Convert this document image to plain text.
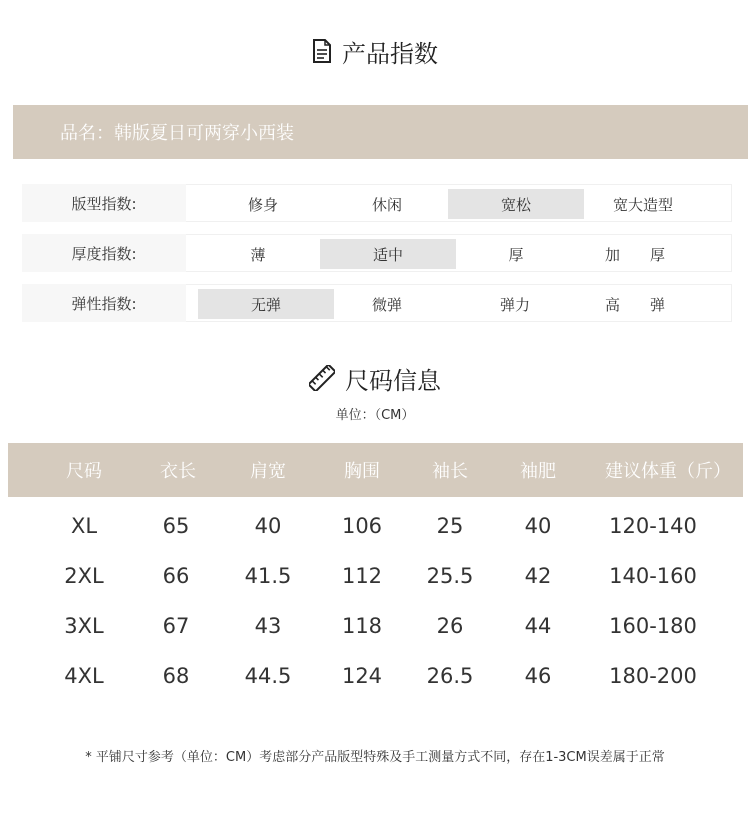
产品指数
品名：韩版夏日可两穿小西装
版型指数:	修身	休闲	宽松	宽大造型
厚度指数:	薄	适中	厚	加　　厚
弹性指数:	无弹	微弹	弹力	高　　弹
尺码信息
单位：（CM）
尺码	衣长	肩宽	胸围	袖长	袖肥	建议体重（斤）
XL	65	40	106	25	40	120-140
2XL	66	41.5	112	25.5	42	140-160
3XL	67	43	118	26	44	160-180
4XL	68	44.5	124	26.5	46	180-200
* 平铺尺寸参考（单位：CM）考虑部分产品版型特殊及手工测量方式不同，存在1-3CM误差属于正常
